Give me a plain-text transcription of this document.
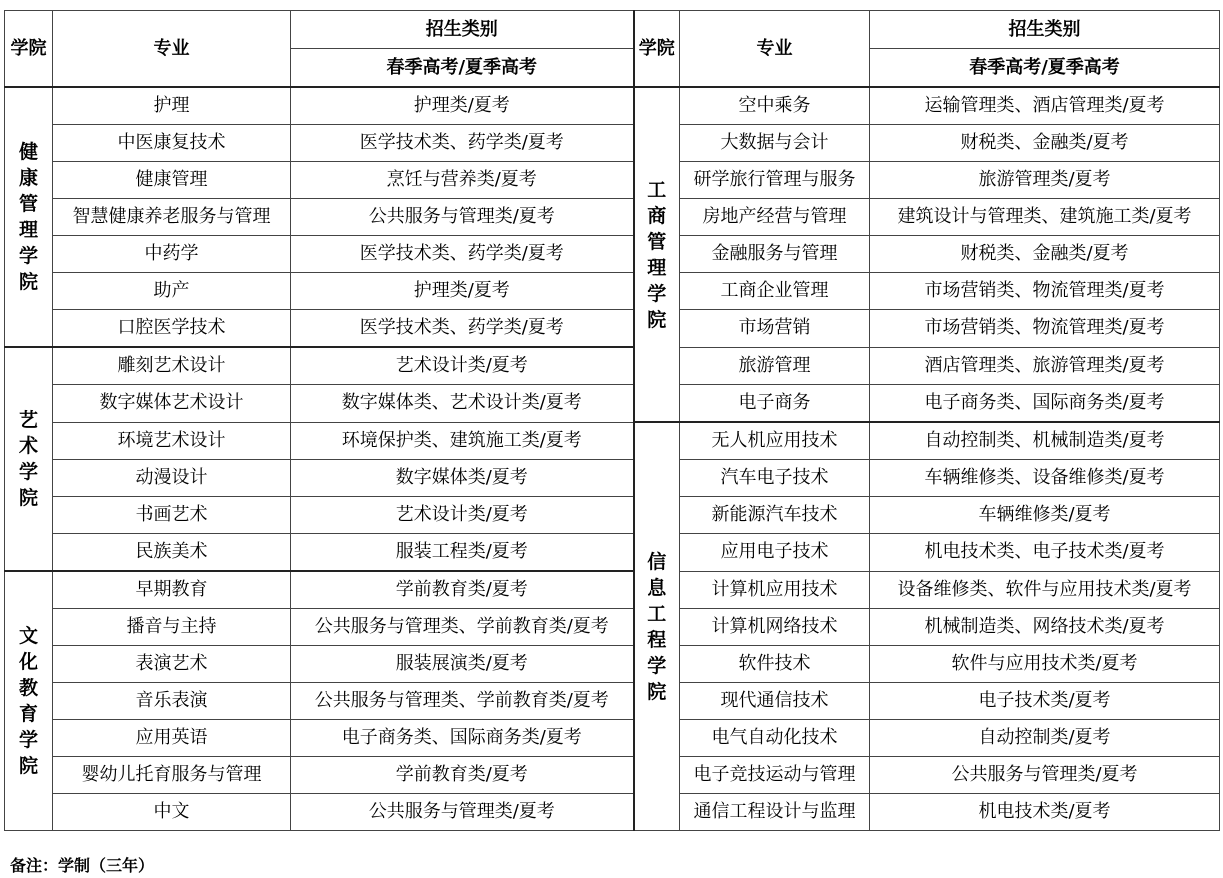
学院	专业	招生类别	学院	专业	招生类别
		春季高考/夏季高考			春季高考/夏季高考
健康管理学院	护理	护理类/夏考	工商管理学院	空中乘务	运输管理类、酒店管理类/夏考
	中医康复技术	医学技术类、药学类/夏考		大数据与会计	财税类、金融类/夏考
	健康管理	烹饪与营养类/夏考		研学旅行管理与服务	旅游管理类/夏考
	智慧健康养老服务与管理	公共服务与管理类/夏考		房地产经营与管理	建筑设计与管理类、建筑施工类/夏考
	中药学	医学技术类、药学类/夏考		金融服务与管理	财税类、金融类/夏考
	助产	护理类/夏考		工商企业管理	市场营销类、物流管理类/夏考
	口腔医学技术	医学技术类、药学类/夏考		市场营销	市场营销类、物流管理类/夏考
艺术学院	雕刻艺术设计	艺术设计类/夏考		旅游管理	酒店管理类、旅游管理类/夏考
	数字媒体艺术设计	数字媒体类、艺术设计类/夏考		电子商务	电子商务类、国际商务类/夏考
	环境艺术设计	环境保护类、建筑施工类/夏考	信息工程学院	无人机应用技术	自动控制类、机械制造类/夏考
	动漫设计	数字媒体类/夏考		汽车电子技术	车辆维修类、设备维修类/夏考
	书画艺术	艺术设计类/夏考		新能源汽车技术	车辆维修类/夏考
	民族美术	服装工程类/夏考		应用电子技术	机电技术类、电子技术类/夏考
文化教育学院	早期教育	学前教育类/夏考		计算机应用技术	设备维修类、软件与应用技术类/夏考
	播音与主持	公共服务与管理类、学前教育类/夏考		计算机网络技术	机械制造类、网络技术类/夏考
	表演艺术	服装展演类/夏考		软件技术	软件与应用技术类/夏考
	音乐表演	公共服务与管理类、学前教育类/夏考		现代通信技术	电子技术类/夏考
	应用英语	电子商务类、国际商务类/夏考		电气自动化技术	自动控制类/夏考
	婴幼儿托育服务与管理	学前教育类/夏考		电子竞技运动与管理	公共服务与管理类/夏考
	中文	公共服务与管理类/夏考		通信工程设计与监理	机电技术类/夏考
备注：学制（三年）
